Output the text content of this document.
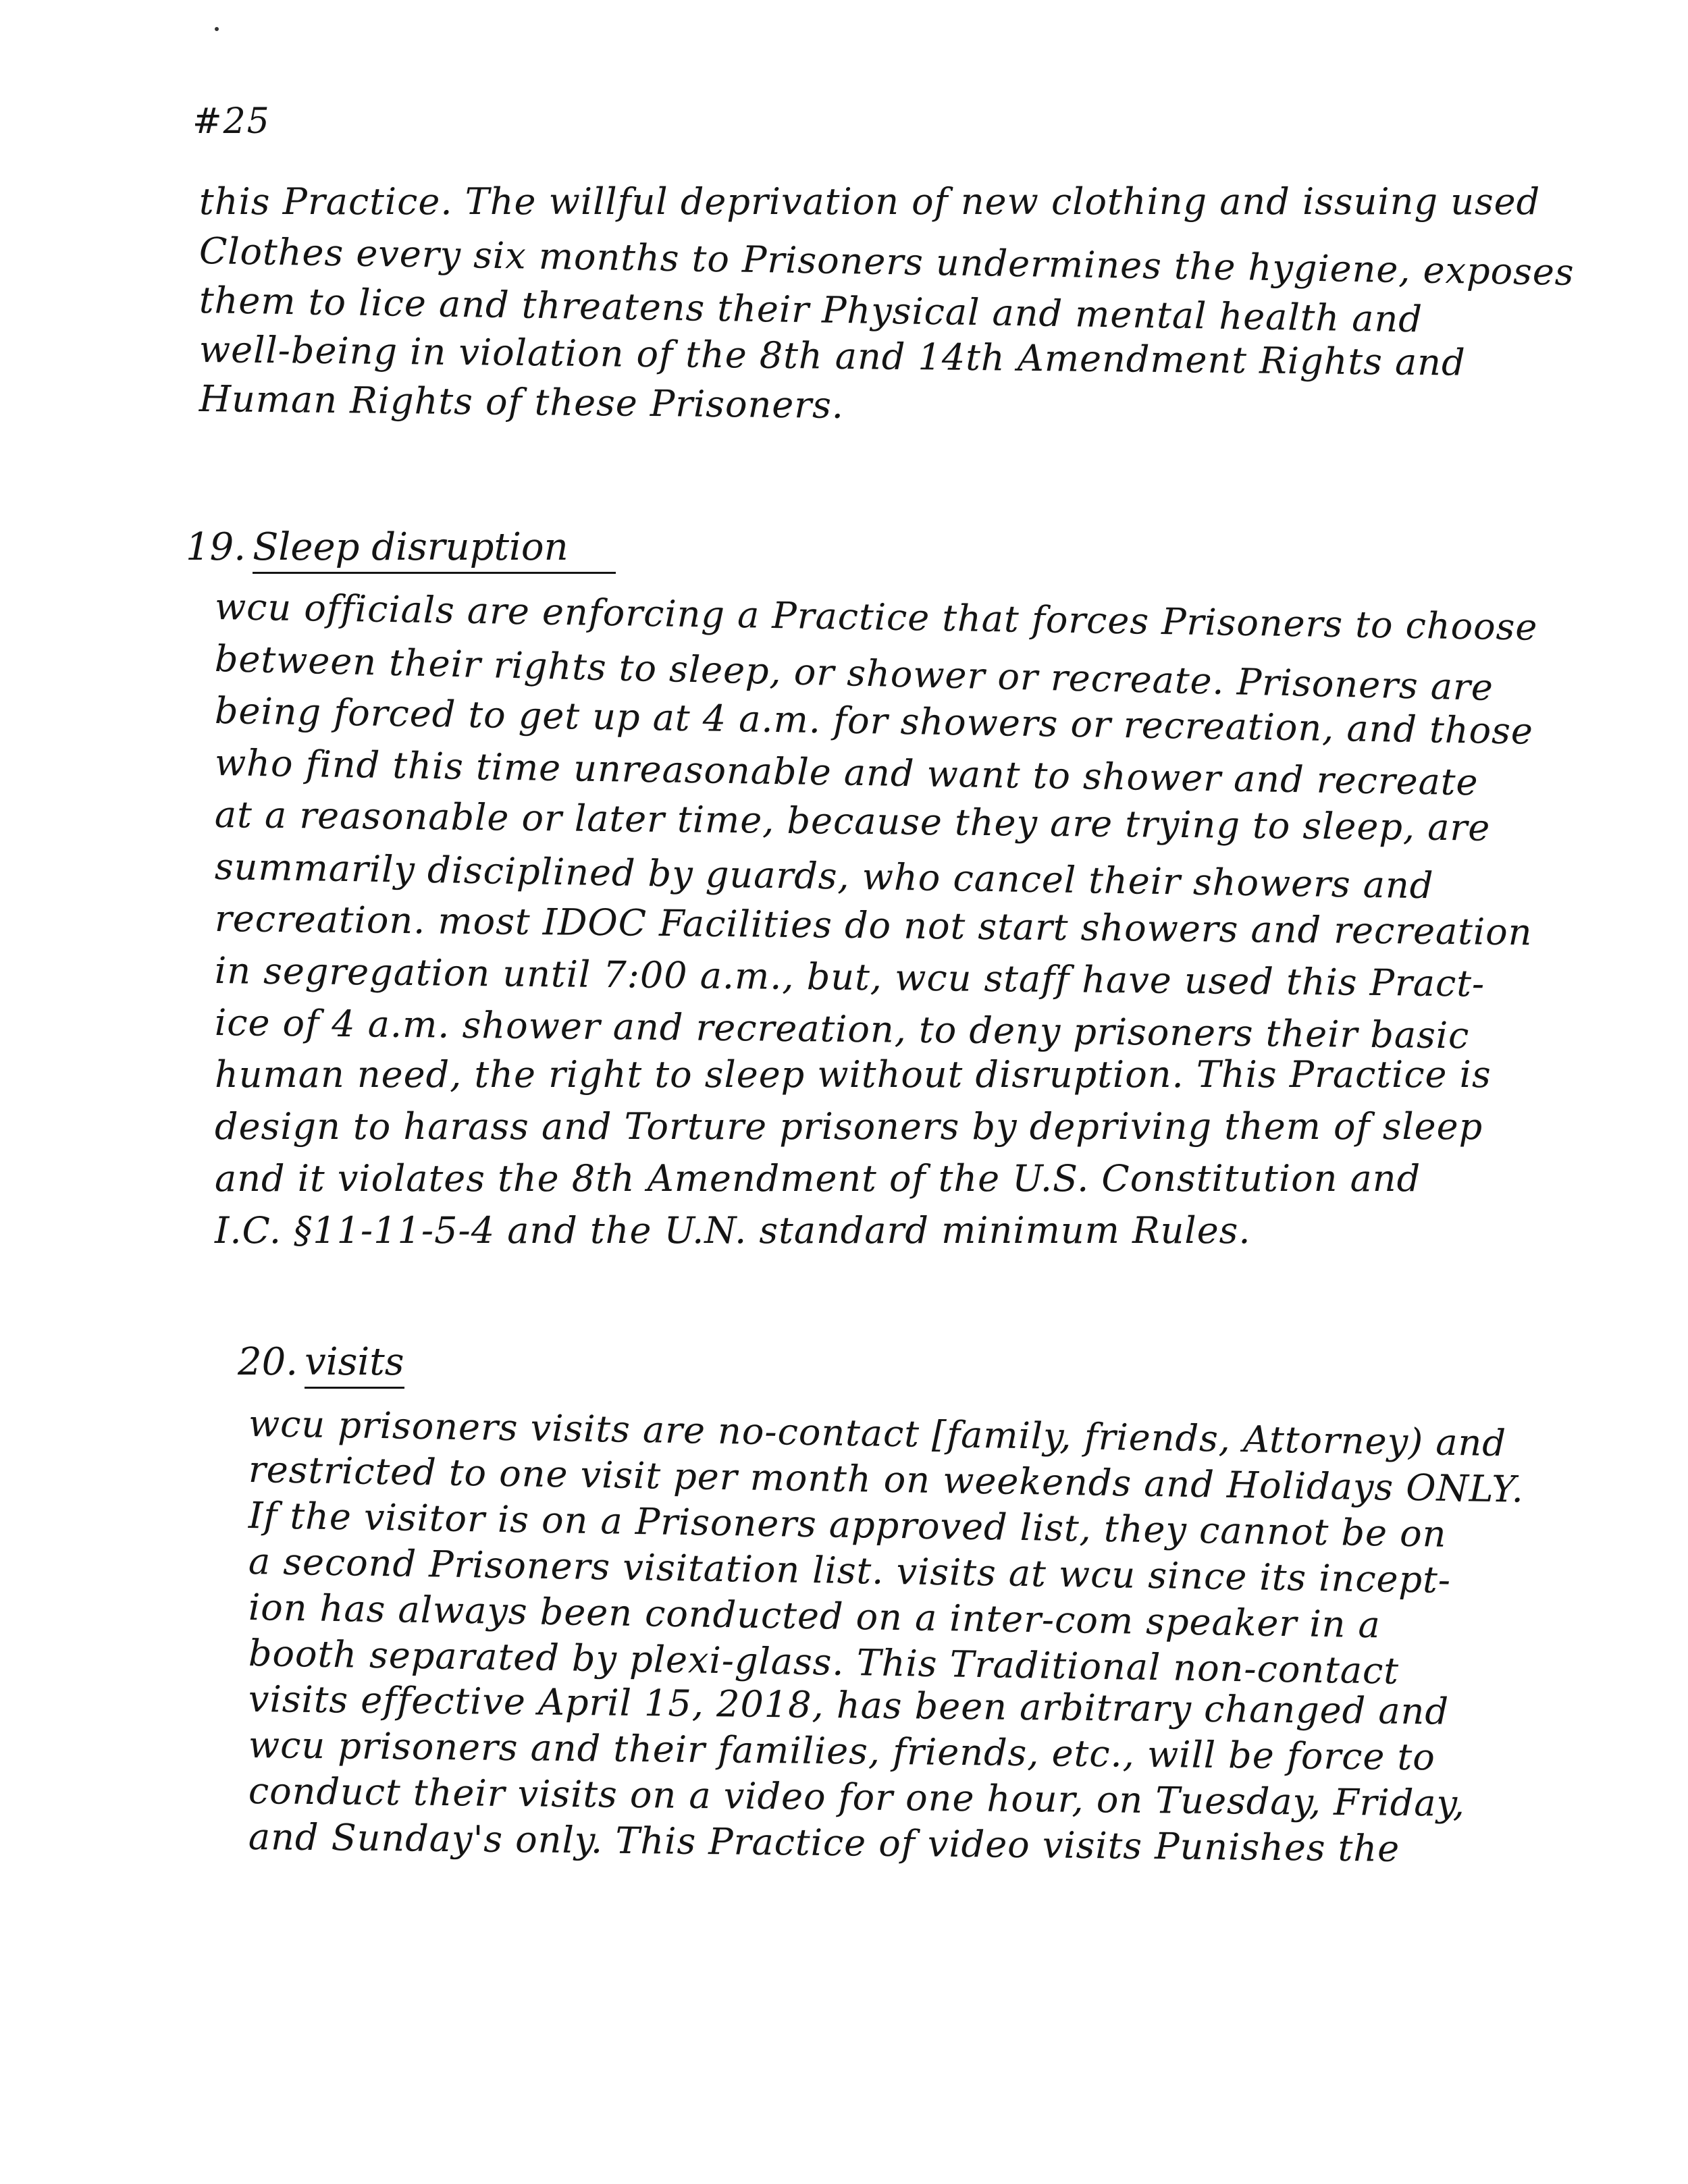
#25
this Practice. The willful deprivation of new clothing and issuing used
Clothes every six months to Prisoners undermines the hygiene, exposes
them to lice and threatens their Physical and mental health and
well-being in violation of the 8th and 14th Amendment Rights and
Human Rights of these Prisoners.
19. Sleep disruption
wcu officials are enforcing a Practice that forces Prisoners to choose
between their rights to sleep, or shower or recreate. Prisoners are
being forced to get up at 4 a.m. for showers or recreation, and those
who find this time unreasonable and want to shower and recreate
at a reasonable or later time, because they are trying to sleep, are
summarily disciplined by guards, who cancel their showers and
recreation. most IDOC Facilities do not start showers and recreation
in segregation until 7:00 a.m., but, wcu staff have used this Pract-
ice of 4 a.m. shower and recreation, to deny prisoners their basic
human need, the right to sleep without disruption. This Practice is
design to harass and Torture prisoners by depriving them of sleep
and it violates the 8th Amendment of the U.S. Constitution and
I.C. §11-11-5-4 and the U.N. standard minimum Rules.
20. visits
wcu prisoners visits are no-contact [family, friends, Attorney) and
restricted to one visit per month on weekends and Holidays ONLY.
If the visitor is on a Prisoners approved list, they cannot be on
a second Prisoners visitation list. visits at wcu since its incept-
ion has always been conducted on a inter-com speaker in a
booth separated by plexi-glass. This Traditional non-contact
visits effective April 15, 2018, has been arbitrary changed and
wcu prisoners and their families, friends, etc., will be force to
conduct their visits on a video for one hour, on Tuesday, Friday,
and Sunday's only. This Practice of video visits Punishes the
